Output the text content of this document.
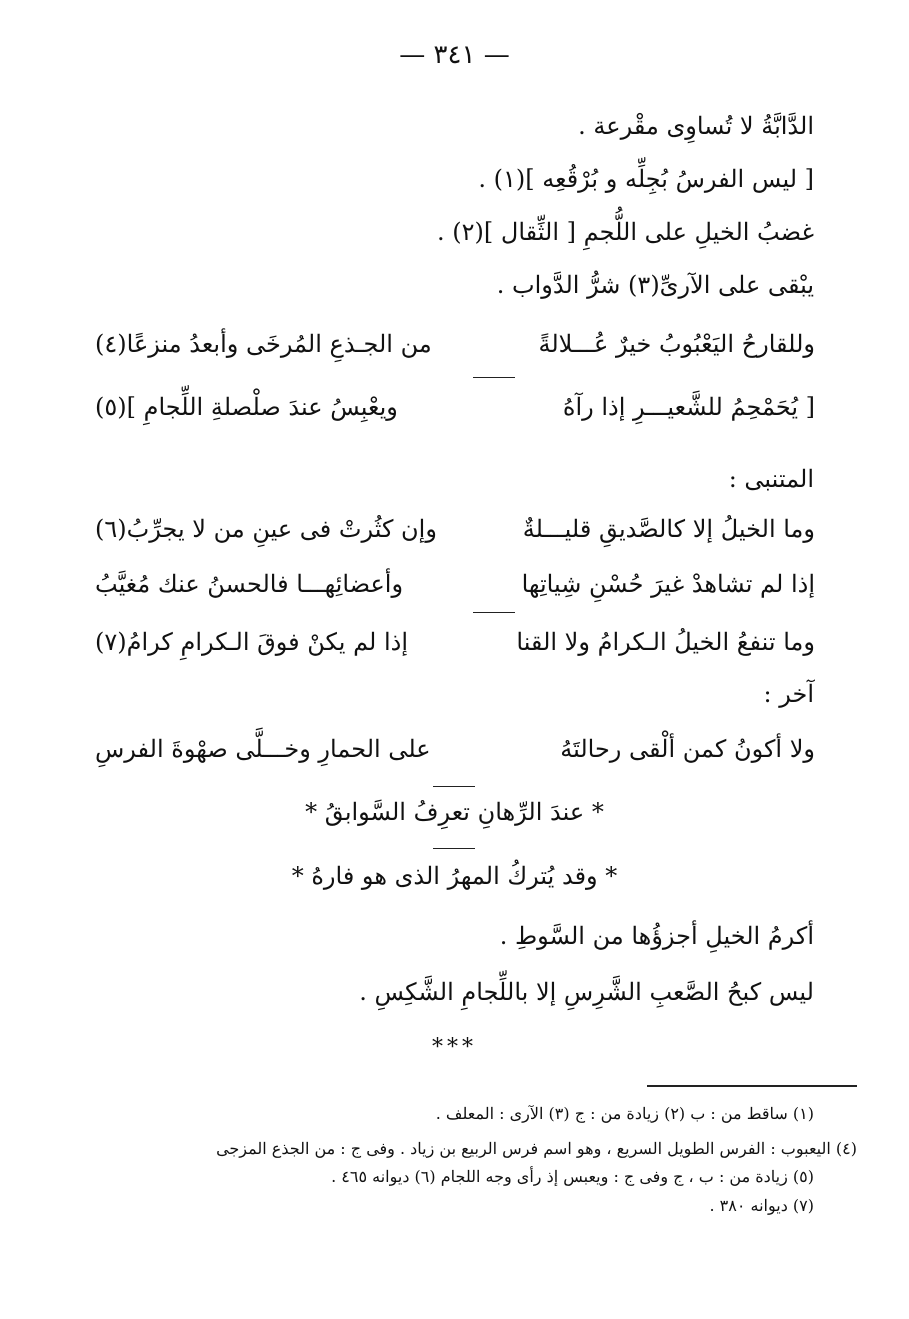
— ٣٤١ —
الدَّابَّةُ لا تُساوِى مقْرعة .
[ ليس الفرسُ بُجِلِّه و بُرْقُعِه ](١) .
غضبُ الخيلِ على اللُّجمِ [ الثِّقال ](٢) .
يبْقى على الآرىِّ(٣) شرُّ الدَّواب .
وللقارحُ اليَعْبُوبُ خيرٌ عُـــلالةً
من الجـذعِ المُرخَى وأبعدُ منزعًا(٤)
[ يُحَمْحِمُ للشَّعيـــرِ إذا رآهُ
ويعْبِسُ عندَ صلْصلةِ اللِّجامِ ](٥)
المتنبى :
وما الخيلُ إلا كالصَّديقِ قليـــلةٌ
وإن كثُرتْ فى عينِ من لا يجرِّبُ(٦)
إذا لم تشاهدْ غيرَ حُسْنِ شِياتِها
وأعضائِهـــا فالحسنُ عنك مُغيَّبُ
وما تنفعُ الخيلُ الـكرامُ ولا القنا
إذا لم يكنْ فوقَ الـكرامِ كرامُ(٧)
آخر :
ولا أكونُ كمن ألْقى رحالتَهُ
على الحمارِ وخـــلَّى صهْوةَ الفرسِ
* عندَ الرِّهانِ تعرِفُ السَّوابقُ *
* وقد يُتركُ المهرُ الذى هو فارهُ *
أكرمُ الخيلِ أجزؤُها من السَّوطِ .
ليس كبحُ الصَّعبِ الشَّرِسِ إلا باللِّجامِ الشَّكِسِ .
***
(١) ساقط من : ب (٢) زيادة من : ج (٣) الآرى : المعلف .
(٤) اليعبوب : الفرس الطويل السريع ، وهو اسم فرس الربيع بن زياد . وفى ج : من الجذع المزجى
(٥) زيادة من : ب ، ج وفى ج : ويعبس إذ رأى وجه اللجام (٦) ديوانه ٤٦٥ .
(٧) ديوانه ٣٨٠ .
